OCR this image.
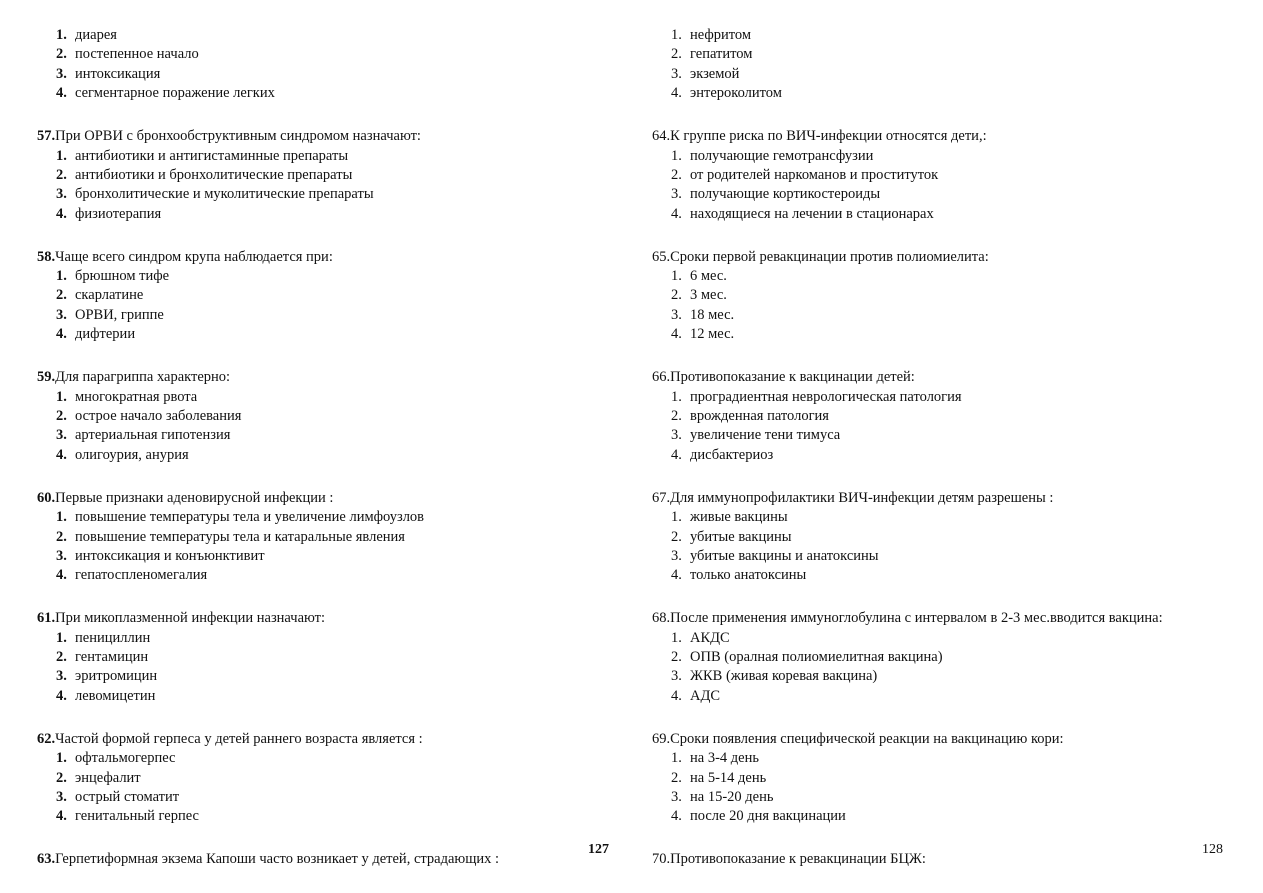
1. диарея
2. постепенное начало
3. интоксикация
4. сегментарное поражение легких
57.При ОРВИ с бронхообструктивным синдромом назначают:
1. антибиотики и антигистаминные препараты
2. антибиотики и бронхолитические препараты
3. бронхолитические и муколитические препараты
4. физиотерапия
58.Чаще всего синдром крупа наблюдается при:
1. брюшном тифе
2. скарлатине
3. ОРВИ, гриппе
4. дифтерии
59.Для парагриппа характерно:
1. многократная рвота
2. острое начало заболевания
3. артериальная гипотензия
4. олигоурия, анурия
60.Первые признаки аденовирусной инфекции :
1. повышение температуры тела и увеличение лимфоузлов
2. повышение температуры тела и катаральные явления
3. интоксикация и конъюнктивит
4. гепатоспленомегалия
61.При микоплазменной инфекции назначают:
1. пенициллин
2. гентамицин
3. эритромицин
4. левомицетин
62.Частой формой герпеса у детей раннего возраста является :
1. офтальмогерпес
2. энцефалит
3. острый стоматит
4. генитальный герпес
63.Герпетиформная экзема Капоши часто возникает у детей, страдающих :
127
1. нефритом
2. гепатитом
3. экземой
4. энтероколитом
64.К группе риска по ВИЧ-инфекции относятся дети,:
1. получающие гемотрансфузии
2. от родителей наркоманов и проституток
3. получающие кортикостероиды
4. находящиеся на лечении в стационарах
65.Сроки первой ревакцинации против полиомиелита:
1. 6 мес.
2. 3 мес.
3. 18 мес.
4. 12 мес.
66.Противопоказание к вакцинации детей:
1. проградиентная неврологическая патология
2. врожденная патология
3. увеличение тени тимуса
4. дисбактериоз
67.Для иммунопрофилактики ВИЧ-инфекции детям разрешены :
1. живые вакцины
2. убитые вакцины
3. убитые вакцины и анатоксины
4. только анатоксины
68.После применения иммуноглобулина с интервалом в 2-3 мес.вводится вакцина:
1. АКДС
2. ОПВ (оралная полиомиелитная вакцина)
3. ЖКВ (живая коревая вакцина)
4. АДС
69.Сроки появления специфической реакции на вакцинацию кори:
1. на 3-4 день
2. на 5-14 день
3. на 15-20 день
4. после 20 дня вакцинации
70.Противопоказание к ревакцинации БЦЖ:
128
